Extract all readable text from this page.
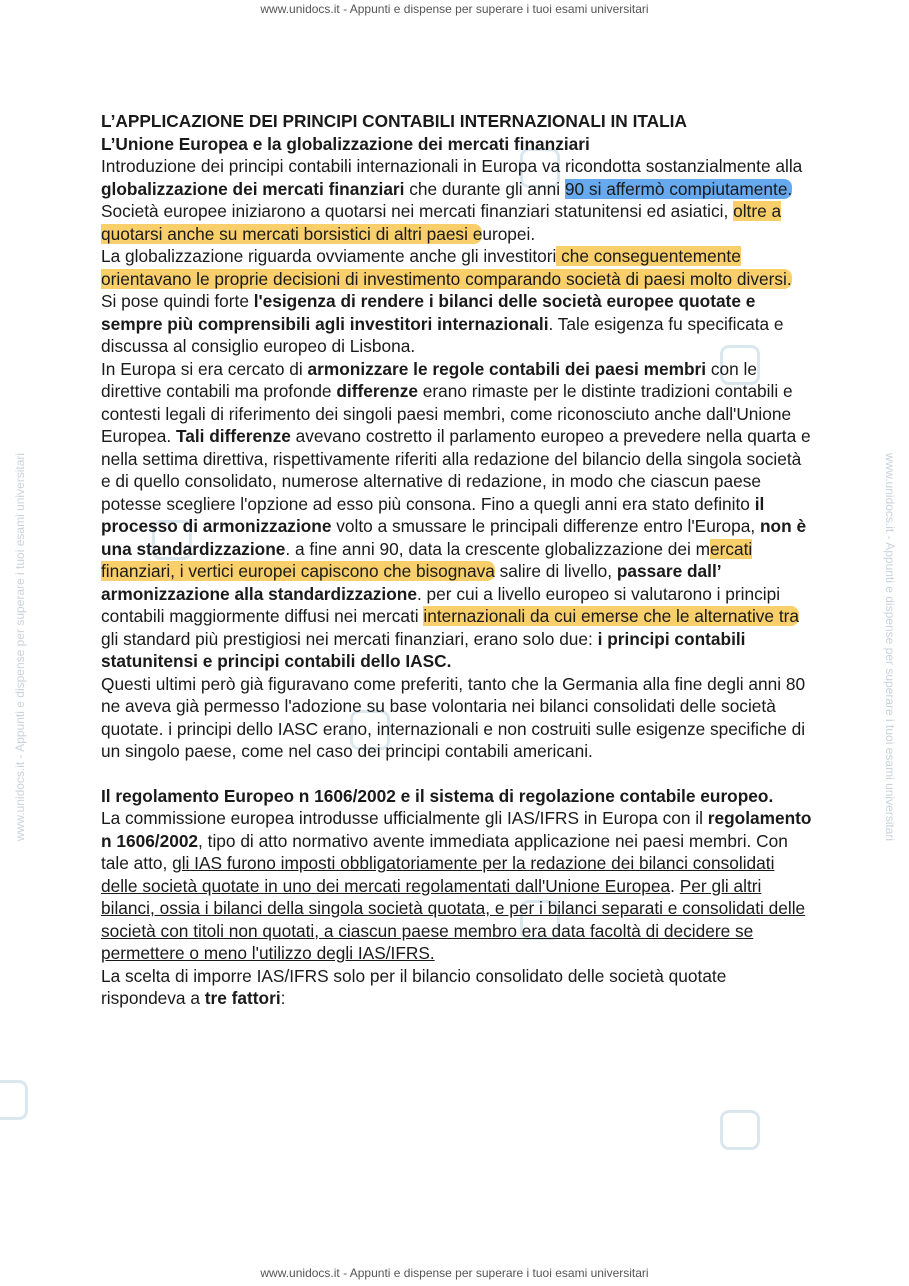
www.unidocs.it - Appunti e dispense per superare i tuoi esami universitari
www.unidocs.it - Appunti e dispense per superare i tuoi esami universitari	www.unidocs.it - Appunti e dispense per superare i tuoi esami universitari

L’APPLICAZIONE DEI PRINCIPI CONTABILI INTERNAZIONALI IN ITALIA

L’Unione Europea e la globalizzazione dei mercati finanziari

Introduzione dei principi contabili internazionali in Europa va ricondotta sostanzialmente alla globalizzazione dei mercati finanziari che durante gli anni 90 si affermò compiutamente.

Società europee iniziarono a quotarsi nei mercati finanziari statunitensi ed asiatici, oltre a quotarsi anche su mercati borsistici di altri paesi europei.

La globalizzazione riguarda ovviamente anche gli investitori che conseguentemente orientavano le proprie decisioni di investimento comparando società di paesi molto diversi.

Si pose quindi forte l'esigenza di rendere i bilanci delle società europee quotate e sempre più comprensibili agli investitori internazionali. Tale esigenza fu specificata e discussa al consiglio europeo di Lisbona.

In Europa si era cercato di armonizzare le regole contabili dei paesi membri con le direttive contabili ma profonde differenze erano rimaste per le distinte tradizioni contabili e contesti legali di riferimento dei singoli paesi membri, come riconosciuto anche dall'Unione Europea. Tali differenze avevano costretto il parlamento europeo a prevedere nella quarta e nella settima direttiva, rispettivamente riferiti alla redazione del bilancio della singola società e di quello consolidato, numerose alternative di redazione, in modo che ciascun paese potesse scegliere l'opzione ad esso più consona. Fino a quegli anni era stato definito il processo di armonizzazione volto a smussare le principali differenze entro l'Europa, non è una standardizzazione. a fine anni 90, data la crescente globalizzazione dei mercati finanziari, i vertici europei capiscono che bisognava salire di livello, passare dall’ armonizzazione alla standardizzazione. per cui a livello europeo si valutarono i principi contabili maggiormente diffusi nei mercati internazionali da cui emerse che le alternative tra gli standard più prestigiosi nei mercati finanziari, erano solo due: i principi contabili statunitensi e principi contabili dello IASC.

Questi ultimi però già figuravano come preferiti, tanto che la Germania alla fine degli anni 80 ne aveva già permesso l'adozione su base volontaria nei bilanci consolidati delle società quotate. i principi dello IASC erano, internazionali e non costruiti sulle esigenze specifiche di un singolo paese, come nel caso dei principi contabili americani.

Il regolamento Europeo n 1606/2002 e il sistema di regolazione contabile europeo.

La commissione europea introdusse ufficialmente gli IAS/IFRS in Europa con il regolamento n 1606/2002, tipo di atto normativo avente immediata applicazione nei paesi membri. Con tale atto, gli IAS furono imposti obbligatoriamente per la redazione dei bilanci consolidati delle società quotate in uno dei mercati regolamentati dall'Unione Europea. Per gli altri bilanci, ossia i bilanci della singola società quotata, e per i bilanci separati e consolidati delle società con titoli non quotati, a ciascun paese membro era data facoltà di decidere se permettere o meno l'utilizzo degli IAS/IFRS.

La scelta di imporre IAS/IFRS solo per il bilancio consolidato delle società quotate rispondeva a tre fattori:

www.unidocs.it - Appunti e dispense per superare i tuoi esami universitari
